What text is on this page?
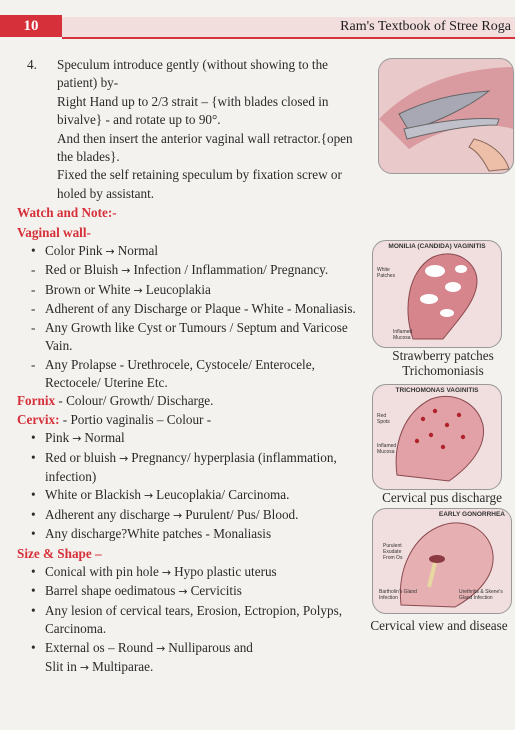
10	Ram's Textbook of Stree Roga
4.	Speculum introduce gently (without showing to the patient) by-

Right Hand up to 2/3 strait – {with blades closed in bivalve} - and rotate up to 90°.

And then insert the anterior vaginal wall retractor.{open the blades}.

Fixed the self retaining speculum by fixation screw or holed by assistant.

Watch and Note:-
Vaginal wall-
• Color Pink → Normal
- Red or Bluish → Infection / Inflammation/ Pregnancy.
- Brown or White → Leucoplakia
- Adherent of any Discharge or Plaque - White - Monaliasis.
- Any Growth like Cyst or Tumours / Septum and Varicose Vain.
- Any Prolapse - Urethrocele, Cystocele/ Enterocele, Rectocele/ Uterine Etc.
Fornix - Colour/ Growth/ Discharge.
Cervix: - Portio vaginalis – Colour -
• Pink → Normal
• Red or bluish → Pregnancy/ hyperplasia (inflammation, infection)
• White or Blackish → Leucoplakia/ Carcinoma.
• Adherent any discharge → Purulent/ Pus/ Blood.
• Any discharge?White patches - Monaliasis
Size & Shape –
• Conical with pin hole → Hypo plastic uterus
• Barrel shape oedimatous → Cervicitis
• Any lesion of cervical tears, Erosion, Ectropion, Polyps, Carcinoma.
• External os – Round → Nulliparous and
Slit in → Multiparae.
MONILIA (CANDIDA) VAGINITIS
White Patches
Inflamed Mucosa
Strawberry patches
Trichomoniasis
TRICHOMONAS VAGINITIS
Red Spots
Inflamed Mucosa
Cervical pus discharge
EARLY GONORRHEA
Purulent Exudate From Os
Bartholin's Gland Infection
Urethritis & Skene's Gland Infection
Cervical view and disease
